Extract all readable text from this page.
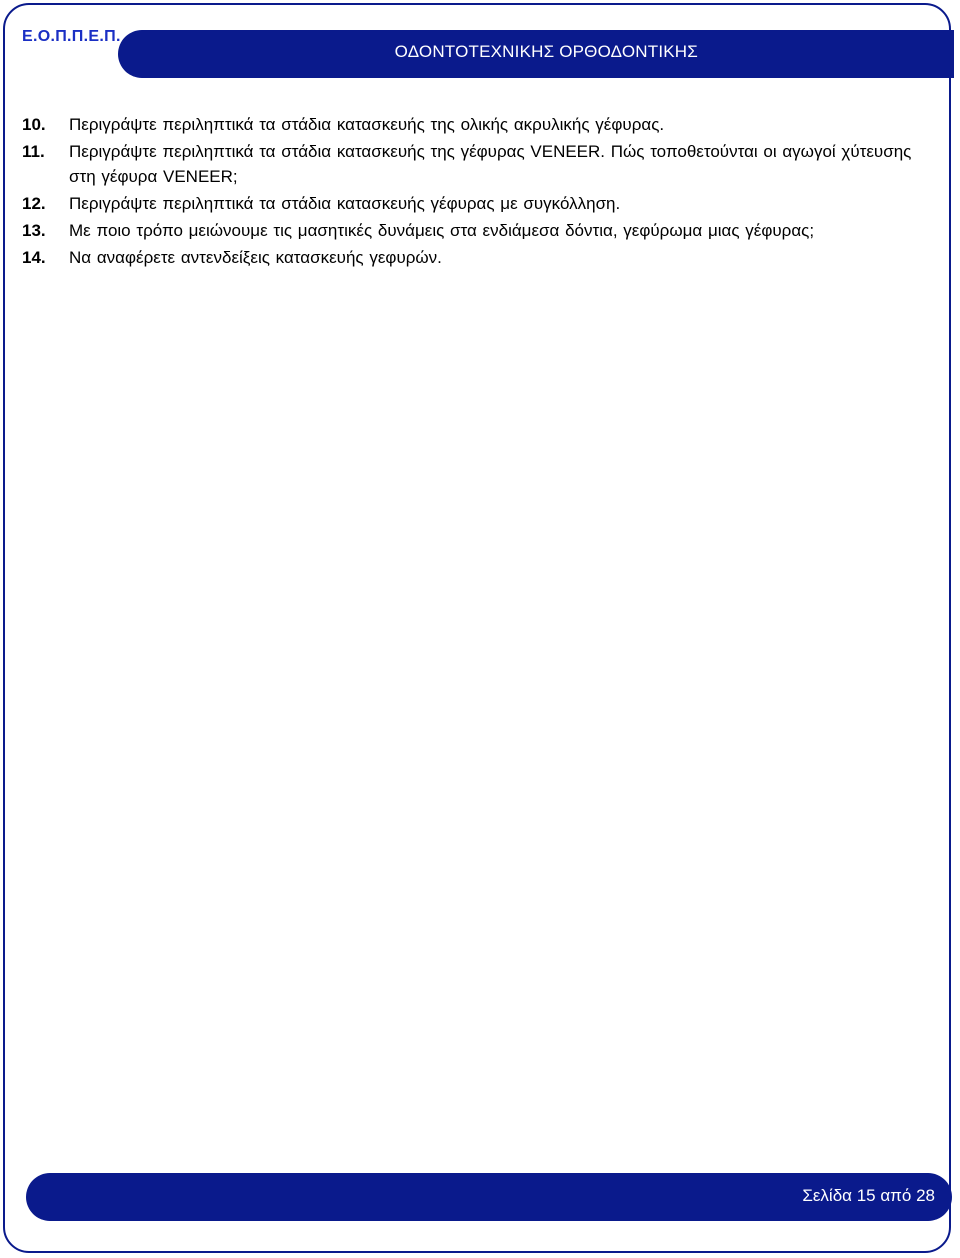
Ε.Ο.Π.Π.Ε.Π.
ΟΔΟΝΤΟΤΕΧΝΙΚΗΣ ΟΡΘΟΔΟΝΤΙΚΗΣ
10.	Περιγράψτε περιληπτικά τα στάδια κατασκευής της ολικής ακρυλικής γέφυρας.
11.	Περιγράψτε περιληπτικά τα στάδια κατασκευής της γέφυρας VENEER. Πώς τοποθετούνται οι αγωγοί χύτευσης στη γέφυρα VENEER;
12.	Περιγράψτε περιληπτικά τα στάδια κατασκευής γέφυρας με συγκόλληση.
13.	Με ποιο τρόπο μειώνουμε τις μασητικές δυνάμεις στα ενδιάμεσα δόντια, γεφύρωμα μιας γέφυρας;
14.	Να αναφέρετε αντενδείξεις κατασκευής γεφυρών.
Σελίδα 15 από 28
